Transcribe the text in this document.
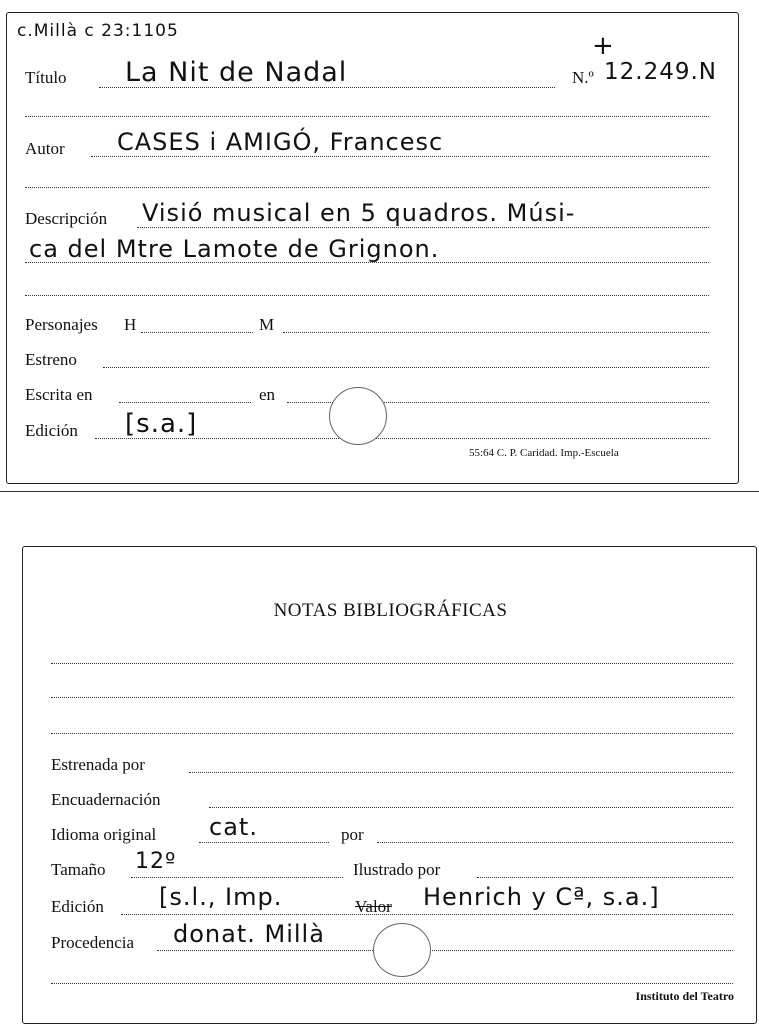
c.Millà c 23:1105	+
Título La Nit de Nadal	N.º 12.249.N
Autor CASES i AMIGÓ, Francesc
Descripción Visió musical en 5 quadros. Músi-
ca del Mtre Lamote de Grignon.
Personajes H	M
Estreno
Escrita en	en
Edición [s.a.]
55:64 C. P. Caridad. Imp.-Escuela
NOTAS BIBLIOGRÁFICAS
Estrenada por
Encuadernación
Idioma original cat.	por
Tamaño 12º	Ilustrado por
Edición [s.l., Imp.	Valor Henrich y Cª, s.a.]
Procedencia donat. Millà
Instituto del Teatro
